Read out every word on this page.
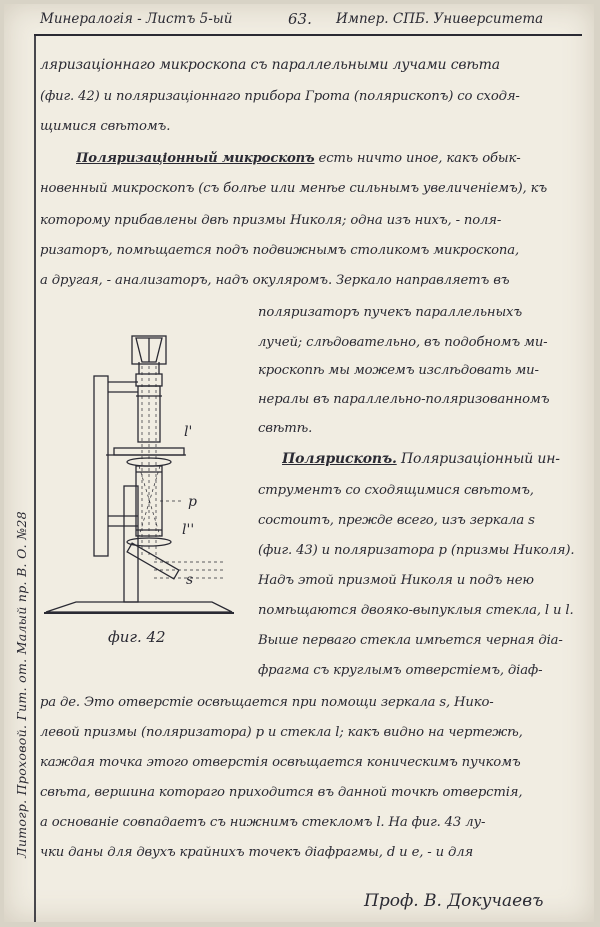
Минералогія - Листъ 5-ый	63. Импер. СПБ. Университета
Литогр. Проховой. Гит. от. Малый пр. В. О. №28
ляризаціоннаго микроскопа съ параллельными лучами свѣта
(фиг. 42) и поляризаціоннаго прибора Грота (полярископъ) со сходя-
щимися свѣтомъ.
Поляризаціонный микроскопъ есть ничто иное, какъ обык-
новенный микроскопъ (съ болѣе или менѣе сильнымъ увеличеніемъ), къ
которому прибавлены двѣ призмы Николя; одна изъ нихъ, - поля-
ризаторъ, помѣщается подъ подвижнымъ столикомъ микроскопа,
а другая, - анализаторъ, надъ окуляромъ. Зеркало направляетъ въ
поляризаторъ пучекъ параллельныхъ
лучей; слѣдовательно, въ подобномъ ми-
кроскопѣ мы можемъ изслѣдовать ми-
нералы въ параллельно-поляризованномъ
свѣтѣ.
Полярископъ. Поляризаціонный ин-
струментъ со сходящимися свѣтомъ,
состоитъ, прежде всего, изъ зеркала s
(фиг. 43) и поляризатора p (призмы Николя).
Надъ этой призмой Николя и подъ нею
помѣщаются двояко-выпуклыя стекла, l и l.
Выше перваго стекла имѣется черная діа-
фрагма съ круглымъ отверстіемъ, діаф-
ра де. Это отверстіе освѣщается при помощи зеркала s, Нико-
левой призмы (поляризатора) p и стекла l; какъ видно на чертежѣ,
каждая точка этого отверстія освѣщается коническимъ пучкомъ
свѣта, вершина котораго приходится въ данной точкѣ отверстія,
а основаніе совпадаетъ съ нижнимъ стекломъ l. На фиг. 43 лу-
чки даны для двухъ крайнихъ точекъ діафрагмы, d и e, - и для
l'
p
l''
s
фиг. 42
Проф. В. Докучаевъ
